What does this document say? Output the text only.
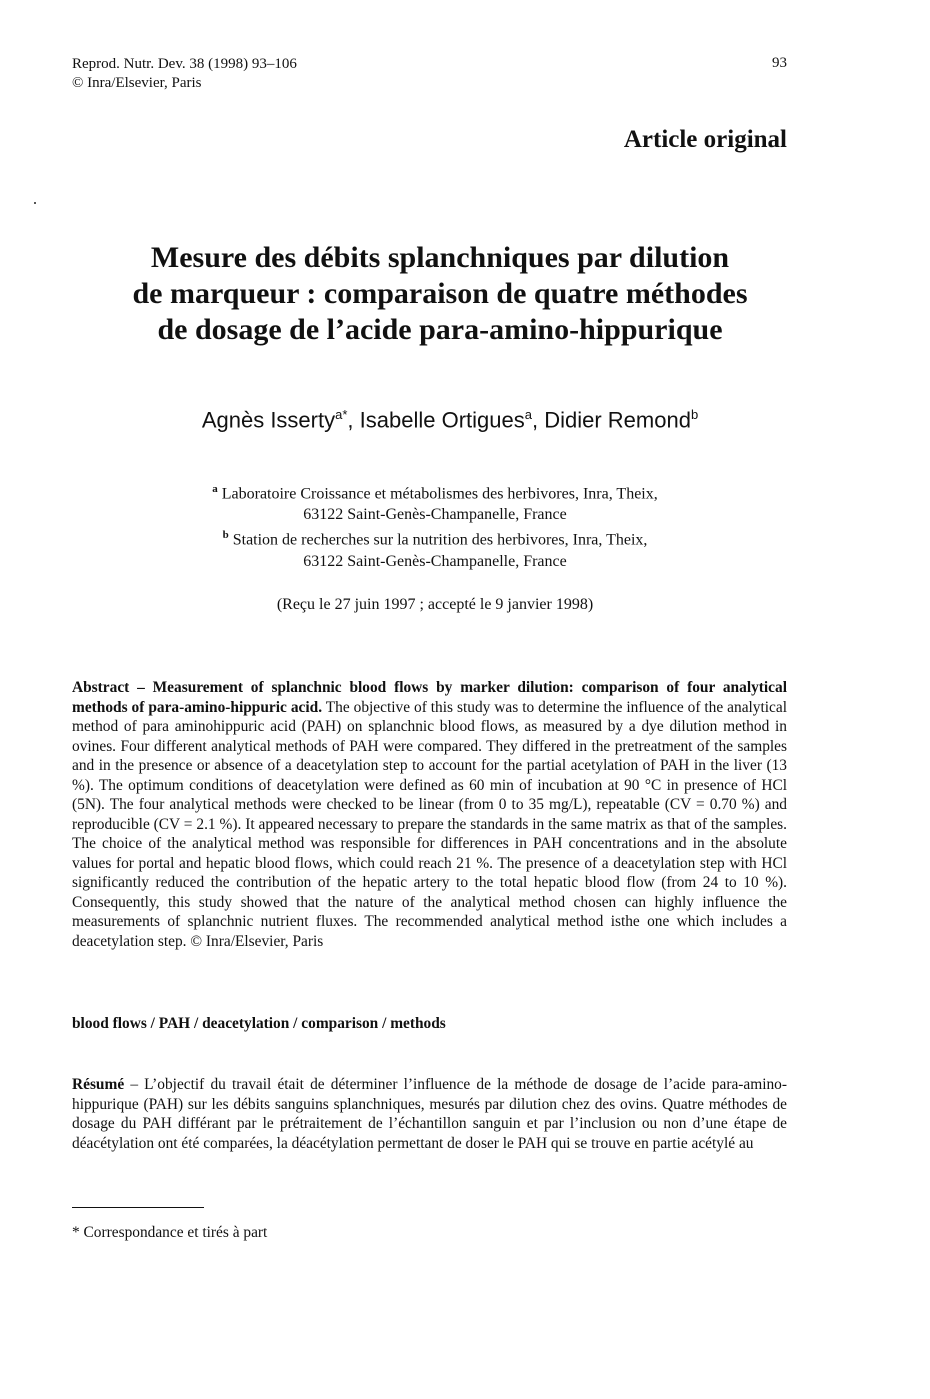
Reprod. Nutr. Dev. 38 (1998) 93–106
© Inra/Elsevier, Paris
93
Article original
Mesure des débits splanchniques par dilution
de marqueur : comparaison de quatre méthodes
de dosage de l’acide para-amino-hippurique
Agnès Isserty$^{a*}$, Isabelle Ortigues$^a$, Didier Remond$^b$
$^a$ Laboratoire Croissance et métabolismes des herbivores, Inra, Theix,
63122 Saint-Genès-Champanelle, France
$^b$ Station de recherches sur la nutrition des herbivores, Inra, Theix,
63122 Saint-Genès-Champanelle, France
(Reçu le 27 juin 1997 ; accepté le 9 janvier 1998)
Abstract – Measurement of splanchnic blood flows by marker dilution: comparison of four analytical methods of para-amino-hippuric acid. The objective of this study was to determine the influence of the analytical method of para aminohippuric acid (PAH) on splanchnic blood flows, as measured by a dye dilution method in ovines. Four different analytical methods of PAH were compared. They differed in the pretreatment of the samples and in the presence or absence of a deacetylation step to account for the partial acetylation of PAH in the liver (13 %). The optimum conditions of deacetylation were defined as 60 min of incubation at 90 °C in presence of HCl (5N). The four analytical methods were checked to be linear (from 0 to 35 mg/L), repeatable (CV = 0.70 %) and reproducible (CV = 2.1 %). It appeared necessary to prepare the standards in the same matrix as that of the samples. The choice of the analytical method was responsible for differences in PAH concentrations and in the absolute values for portal and hepatic blood flows, which could reach 21 %. The presence of a deacetylation step with HCl significantly reduced the contribution of the hepatic artery to the total hepatic blood flow (from 24 to 10 %). Consequently, this study showed that the nature of the analytical method chosen can highly influence the measurements of splanchnic nutrient fluxes. The recommended analytical method isthe one which includes a deacetylation step. © Inra/Elsevier, Paris
blood flows / PAH / deacetylation / comparison / methods
Résumé – L’objectif du travail était de déterminer l’influence de la méthode de dosage de l’acide para-amino-hippurique (PAH) sur les débits sanguins splanchniques, mesurés par dilution chez des ovins. Quatre méthodes de dosage du PAH différant par le prétraitement de l’échantillon sanguin et par l’inclusion ou non d’une étape de déacétylation ont été comparées, la déacétylation permettant de doser le PAH qui se trouve en partie acétylé au
* Correspondance et tirés à part
